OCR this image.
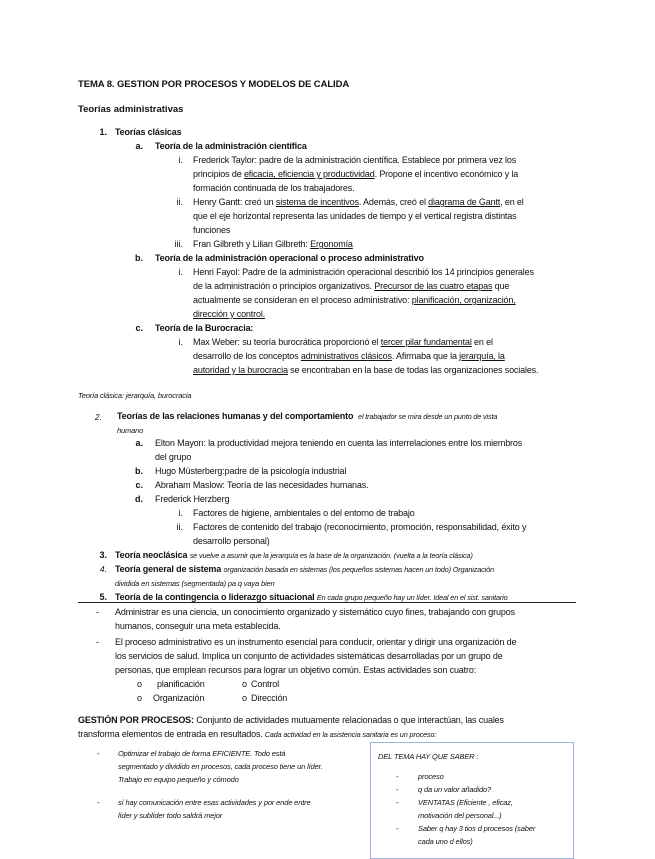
TEMA 8. GESTION POR PROCESOS Y MODELOS DE CALIDA
Teorías administrativas
1. Teorías clásicas
a. Teoría de la administración científica
i. Frederick Taylor: padre de la administración científica. Establece por primera vez los
principios de eficacia, eficiencia y productividad. Propone el incentivo económico y la
formación continuada de los trabajadores.
ii. Henry Gantt: creó un sistema de incentivos. Además, creó el diagrama de Gantt, en el
que el eje horizontal representa las unidades de tiempo y el vertical registra distintas
funciones
iii. Fran Gilbreth y Lilian Gilbreth: Ergonomía
b. Teoría de la administración operacional o proceso administrativo
i. Henri Fayol: Padre de la administración operacional describió los 14 principios generales
de la administración o principios organizativos. Precursor de las cuatro etapas que
actualmente se consideran en el proceso administrativo: planificación, organización,
dirección y control.
c. Teoría de la Burocracia:
i. Max Weber: su teoría burocrática proporcionó el tercer pilar fundamental en el
desarrollo de los conceptos administrativos clásicos. Afirmaba que la jerarquía, la
autoridad y la burocracia se encontraban en la base de todas las organizaciones sociales.
Teoría clásica: jerarquía, burocracia
2. Teorías de las relaciones humanas y del comportamiento el trabajador se mira desde un punto de vista
humano
a. Elton Mayon: la productividad mejora teniendo en cuenta las interrelaciones entre los miembros
del grupo
b. Hugo Müsterberg:padre de la psicología industrial
c. Abraham Maslow: Teoría de las necesidades humanas.
d. Frederick Herzberg
i. Factores de higiene, ambientales o del entorno de trabajo
ii. Factores de contenido del trabajo (reconocimiento, promoción, responsabilidad, éxito y
desarrollo personal)
3. Teoría neoclásica se vuelve a asumir que la jerarquía es la base de la organización. (vuelta a la teoría clásica)
4. Teoría general de sistema organización basada en sistemas (los pequeños sistemas hacen un todo) Organización
dividida en sistemas (segmentada) pa q vaya bien
5. Teoría de la contingencia o liderazgo situacional En cada grupo pequeño hay un líder. Ideal en el sist. sanitario
- Administrar es una ciencia, un conocimiento organizado y sistemático cuyo fines, trabajando con grupos
humanos, conseguir una meta establecida.
- El proceso administrativo es un instrumento esencial para conducir, orientar y dirigir una organización de
los servicios de salud. Implica un conjunto de actividades sistemáticas desarrolladas por un grupo de
personas, que emplean recursos para lograr un objetivo común. Estas actividades son cuatro:
o planificación	o Control
o Organización	o Dirección
GESTIÓN POR PROCESOS: Conjunto de actividades mutuamente relacionadas o que interactúan, las cuales
transforma elementos de entrada en resultados. Cada actividad en la asistencia sanitaria es un proceso:
- Optimizar el trabajo de forma EFICIENTE. Todo está
segmentado y dividido en procesos, cada proceso tiene un líder.
Trabajo en equipo pequeño y cómodo
- sí hay comunicación entre esas actividades y por ende entre
líder y sublíder todo saldrá mejor
DEL TEMA HAY QUE SABER :
-	proceso
-	q da un valor añadido?
-	VENTATAS (Eficiente , eficaz,
motivación del personal...)
-	Saber q hay 3 tios d procesos (saber
cada uno d ellos)
